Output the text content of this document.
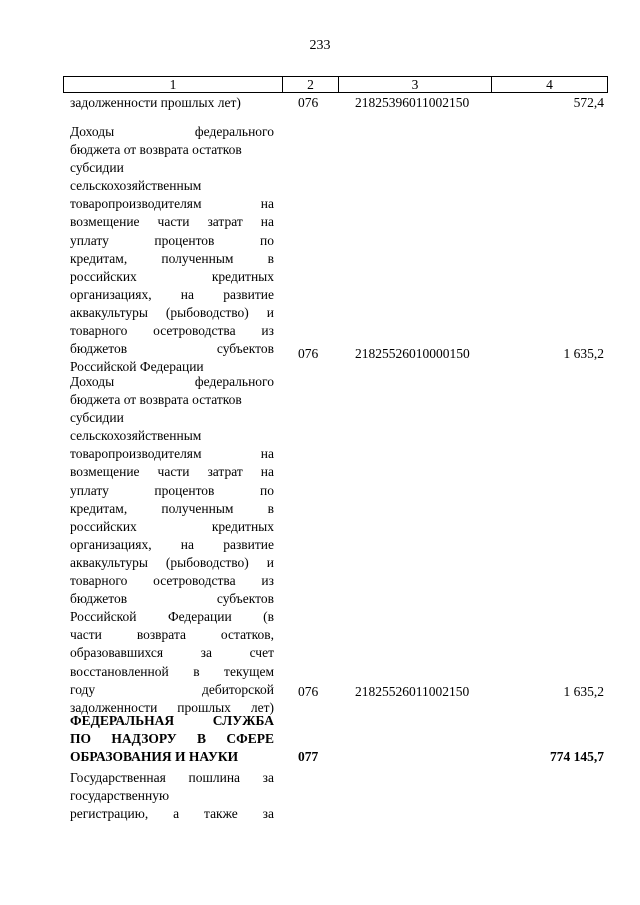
233
1	2	3	4
задолженности прошлых лет)	076	21825396011002150	572,4
Доходы федерального
бюджета от возврата остатков
субсидии
сельскохозяйственным
товаропроизводителям на
возмещение части затрат на
уплату процентов по
кредитам, полученным в
российских кредитных
организациях, на развитие
аквакультуры (рыбоводство) и
товарного осетроводства из
бюджетов субъектов
Российской Федерации
076	21825526010000150	1 635,2
Доходы федерального
бюджета от возврата остатков
субсидии
сельскохозяйственным
товаропроизводителям на
возмещение части затрат на
уплату процентов по
кредитам, полученным в
российских кредитных
организациях, на развитие
аквакультуры (рыбоводство) и
товарного осетроводства из
бюджетов субъектов
Российской Федерации (в
части возврата остатков,
образовавшихся за счет
восстановленной в текущем
году дебиторской
задолженности прошлых лет)
076	21825526011002150	1 635,2
ФЕДЕРАЛЬНАЯ СЛУЖБА
ПО НАДЗОРУ В СФЕРЕ
ОБРАЗОВАНИЯ И НАУКИ	077	774 145,7
Государственная пошлина за
государственную
регистрацию, а также за
